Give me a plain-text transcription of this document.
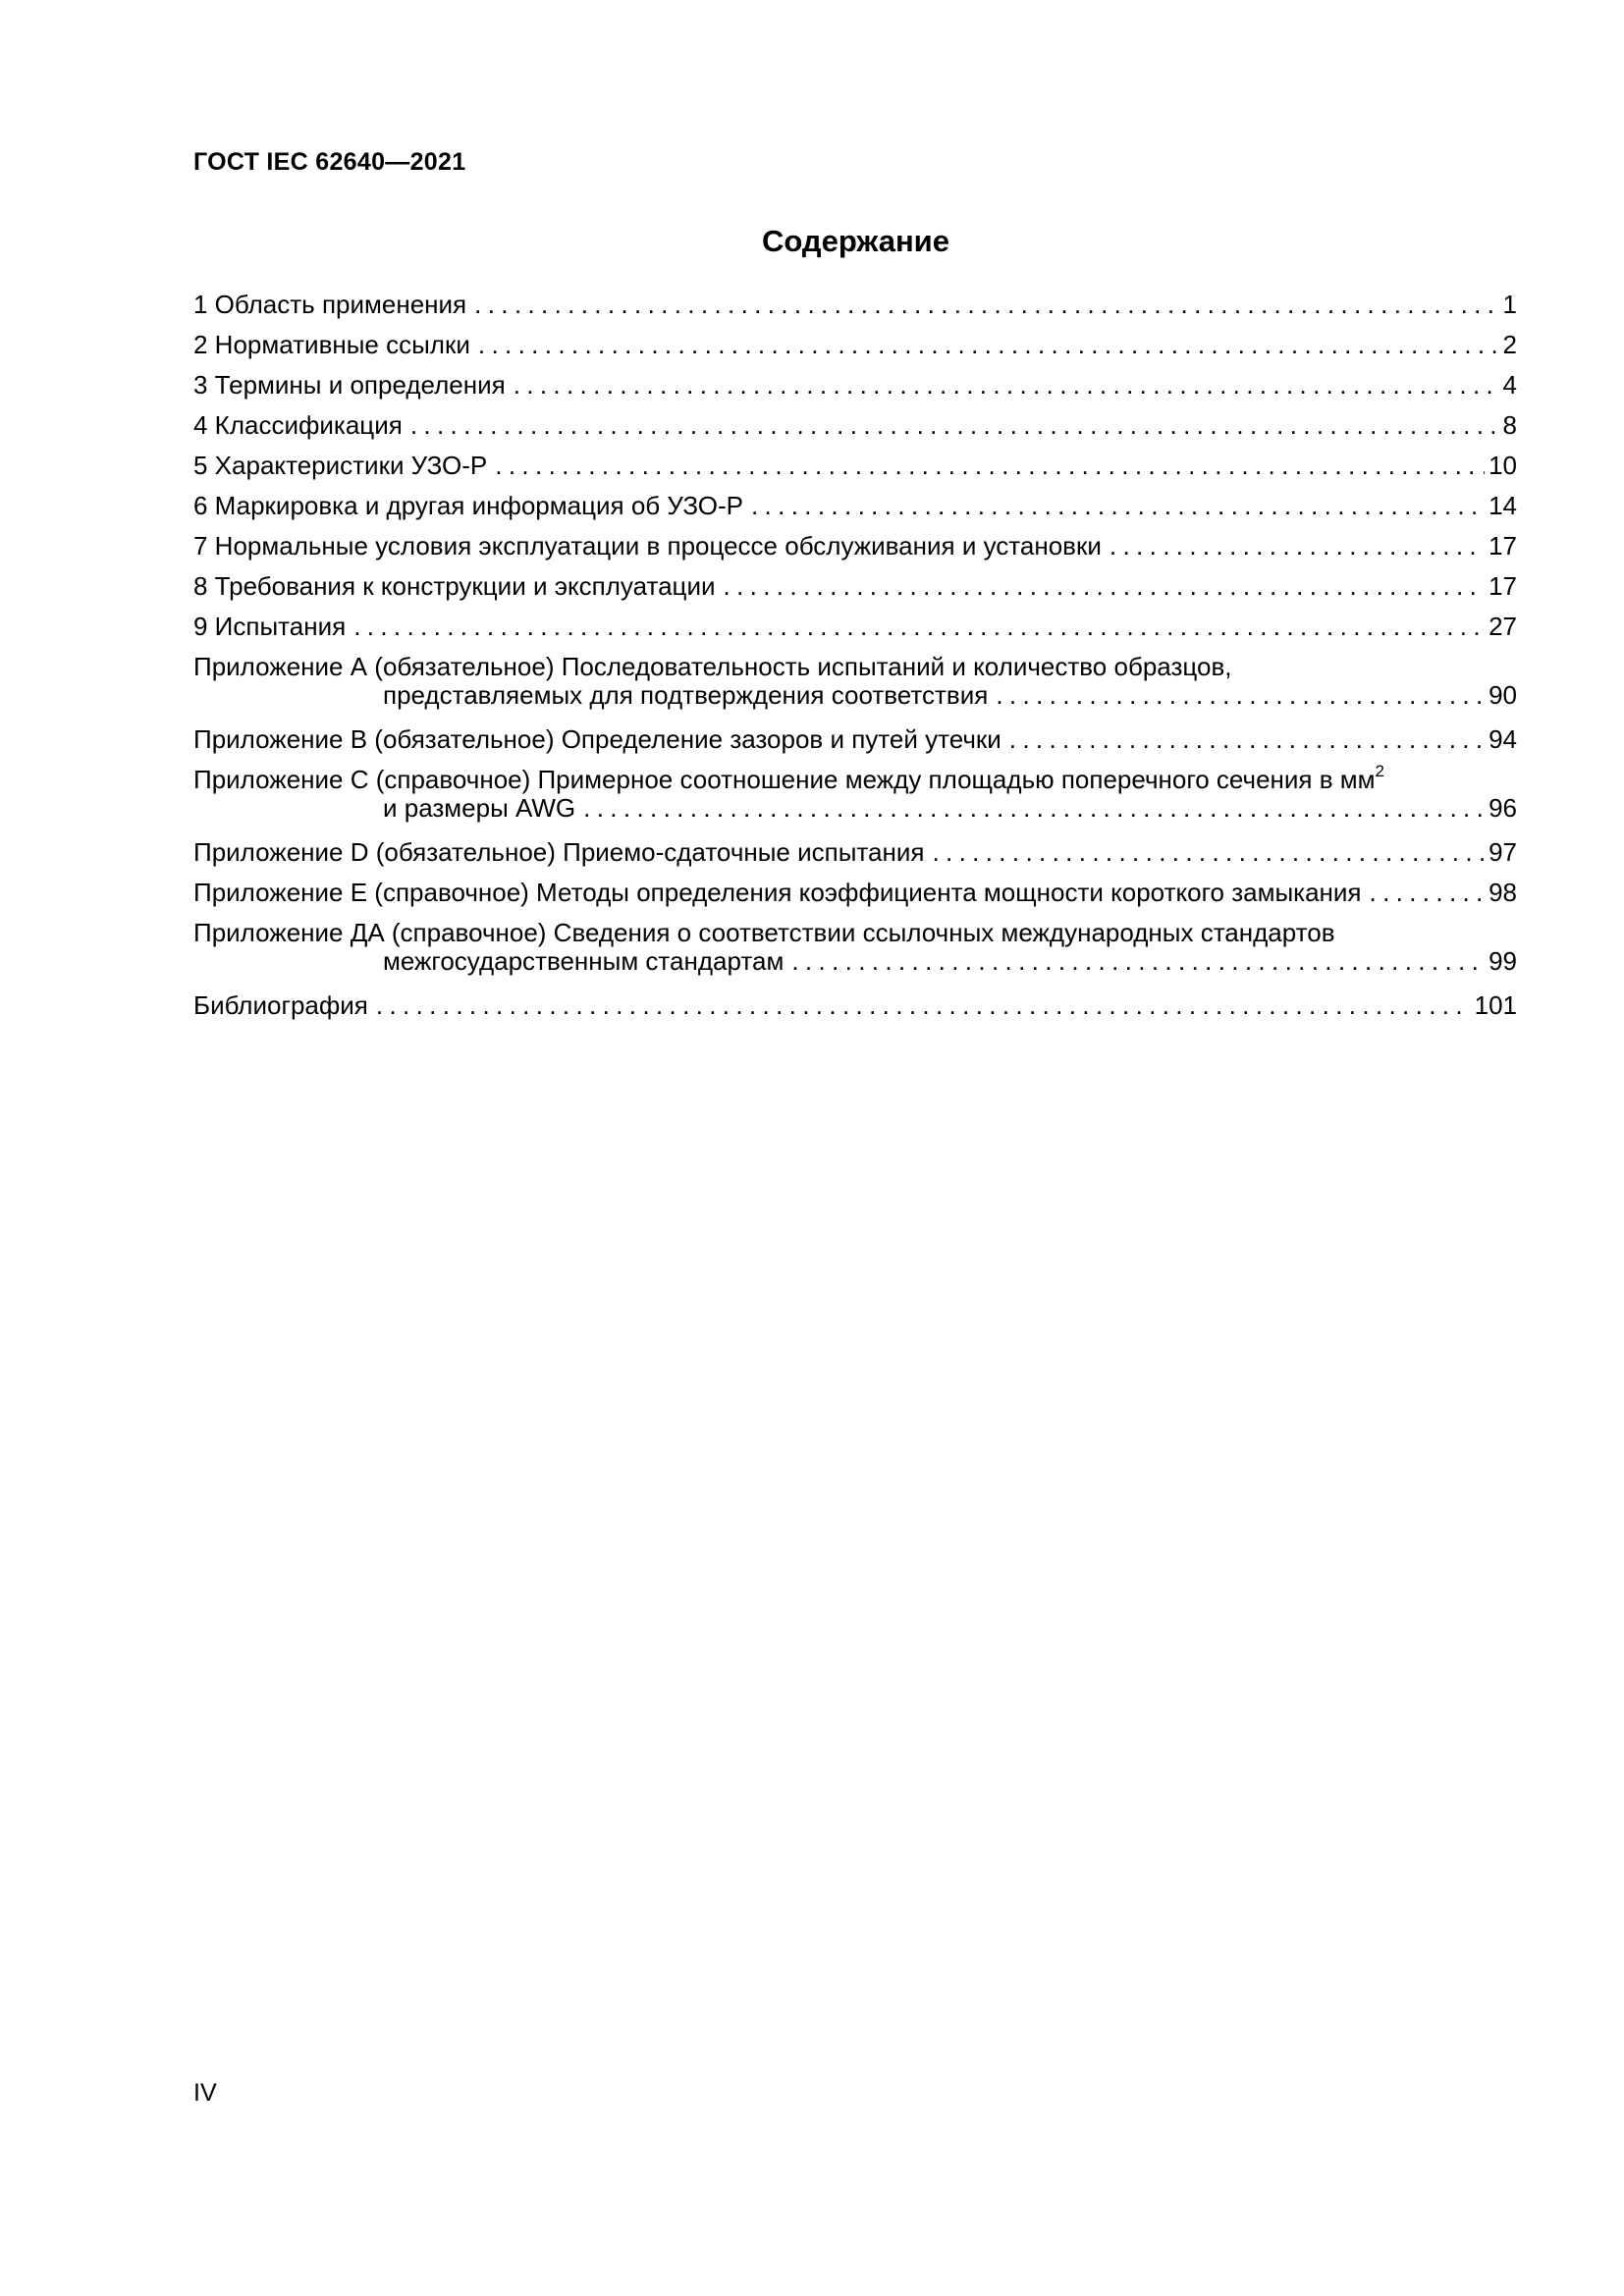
ГОСТ IEC 62640—2021

Содержание
1 Область применения .....	1
2 Нормативные ссылки .....	2
3 Термины и определения .....	4
4 Классификация .....	8
5 Характеристики УЗО-Р .....	10
6 Маркировка и другая информация об УЗО-Р .....	14
7 Нормальные условия эксплуатации в процессе обслуживания и установки .....	17
8 Требования к конструкции и эксплуатации .....	17
9 Испытания .....	27
Приложение А (обязательное) Последовательность испытаний и количество образцов,
представляемых для подтверждения соответствия .....	90
Приложение В (обязательное) Определение зазоров и путей утечки .....	94
Приложение С (справочное) Примерное соотношение между площадью поперечного сечения в $мм^2$
и размеры AWG .....	96
Приложение D (обязательное) Приемо-сдаточные испытания .....	97
Приложение Е (справочное) Методы определения коэффициента мощности короткого замыкания .....	98
Приложение ДА (справочное) Сведения о соответствии ссылочных международных стандартов
межгосударственным стандартам .....	99
Библиография .....	101

IV
